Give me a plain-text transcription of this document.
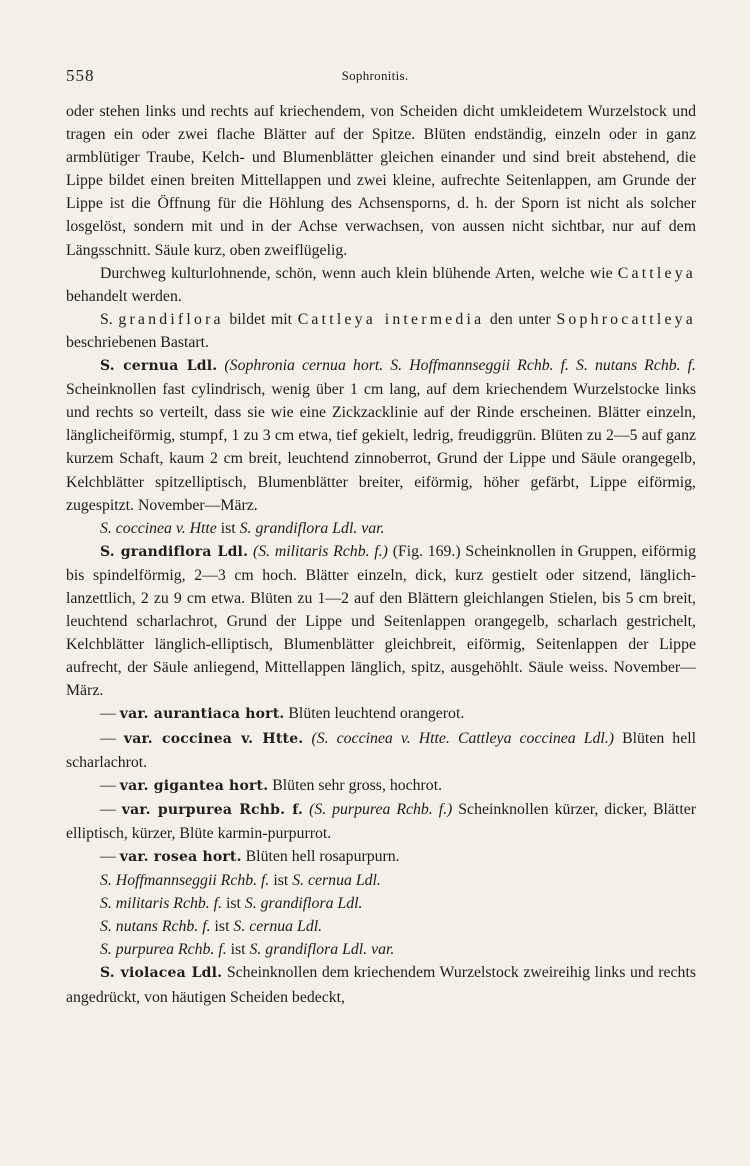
558	Sophronitis.

oder stehen links und rechts auf kriechendem, von Scheiden dicht umkleidetem Wurzelstock und tragen ein oder zwei flache Blätter auf der Spitze. Blüten endständig, einzeln oder in ganz armblütiger Traube, Kelch- und Blumenblätter gleichen einander und sind breit abstehend, die Lippe bildet einen breiten Mittellappen und zwei kleine, aufrechte Seitenlappen, am Grunde der Lippe ist die Öffnung für die Höhlung des Achsensporns, d. h. der Sporn ist nicht als solcher losgelöst, sondern mit und in der Achse verwachsen, von aussen nicht sichtbar, nur auf dem Längsschnitt. Säule kurz, oben zweiflügelig.

Durchweg kulturlohnende, schön, wenn auch klein blühende Arten, welche wie Cattleya behandelt werden.

S. grandiflora bildet mit Cattleya intermedia den unter Sophrocattleya beschriebenen Bastart.

S. cernua Ldl. (Sophronia cernua hort. S. Hoffmannseggii Rchb. f. S. nutans Rchb. f. Scheinknollen fast cylindrisch, wenig über 1 cm lang, auf dem kriechendem Wurzelstocke links und rechts so verteilt, dass sie wie eine Zickzacklinie auf der Rinde erscheinen. Blätter einzeln, länglicheiförmig, stumpf, 1 zu 3 cm etwa, tief gekielt, ledrig, freudiggrün. Blüten zu 2—5 auf ganz kurzem Schaft, kaum 2 cm breit, leuchtend zinnoberrot, Grund der Lippe und Säule orangegelb, Kelchblätter spitzelliptisch, Blumenblätter breiter, eiförmig, höher gefärbt, Lippe eiförmig, zugespitzt. November—März.

S. coccinea v. Htte ist S. grandiflora Ldl. var.

S. grandiflora Ldl. (S. militaris Rchb. f.) (Fig. 169.) Scheinknollen in Gruppen, eiförmig bis spindelförmig, 2—3 cm hoch. Blätter einzeln, dick, kurz gestielt oder sitzend, länglich-lanzettlich, 2 zu 9 cm etwa. Blüten zu 1—2 auf den Blättern gleichlangen Stielen, bis 5 cm breit, leuchtend scharlachrot, Grund der Lippe und Seitenlappen orangegelb, scharlach gestrichelt, Kelchblätter länglich-elliptisch, Blumenblätter gleichbreit, eiförmig, Seitenlappen der Lippe aufrecht, der Säule anliegend, Mittellappen länglich, spitz, ausgehöhlt. Säule weiss. November—März.

— var. aurantiaca hort. Blüten leuchtend orangerot.

— var. coccinea v. Htte. (S. coccinea v. Htte. Cattleya coccinea Ldl.) Blüten hell scharlachrot.

— var. gigantea hort. Blüten sehr gross, hochrot.

— var. purpurea Rchb. f. (S. purpurea Rchb. f.) Scheinknollen kürzer, dicker, Blätter elliptisch, kürzer, Blüte karmin-purpurrot.

— var. rosea hort. Blüten hell rosapurpurn.

S. Hoffmannseggii Rchb. f. ist S. cernua Ldl.

S. militaris Rchb. f. ist S. grandiflora Ldl.

S. nutans Rchb. f. ist S. cernua Ldl.

S. purpurea Rchb. f. ist S. grandiflora Ldl. var.

S. violacea Ldl. Scheinknollen dem kriechendem Wurzelstock zweireihig links und rechts angedrückt, von häutigen Scheiden bedeckt,
